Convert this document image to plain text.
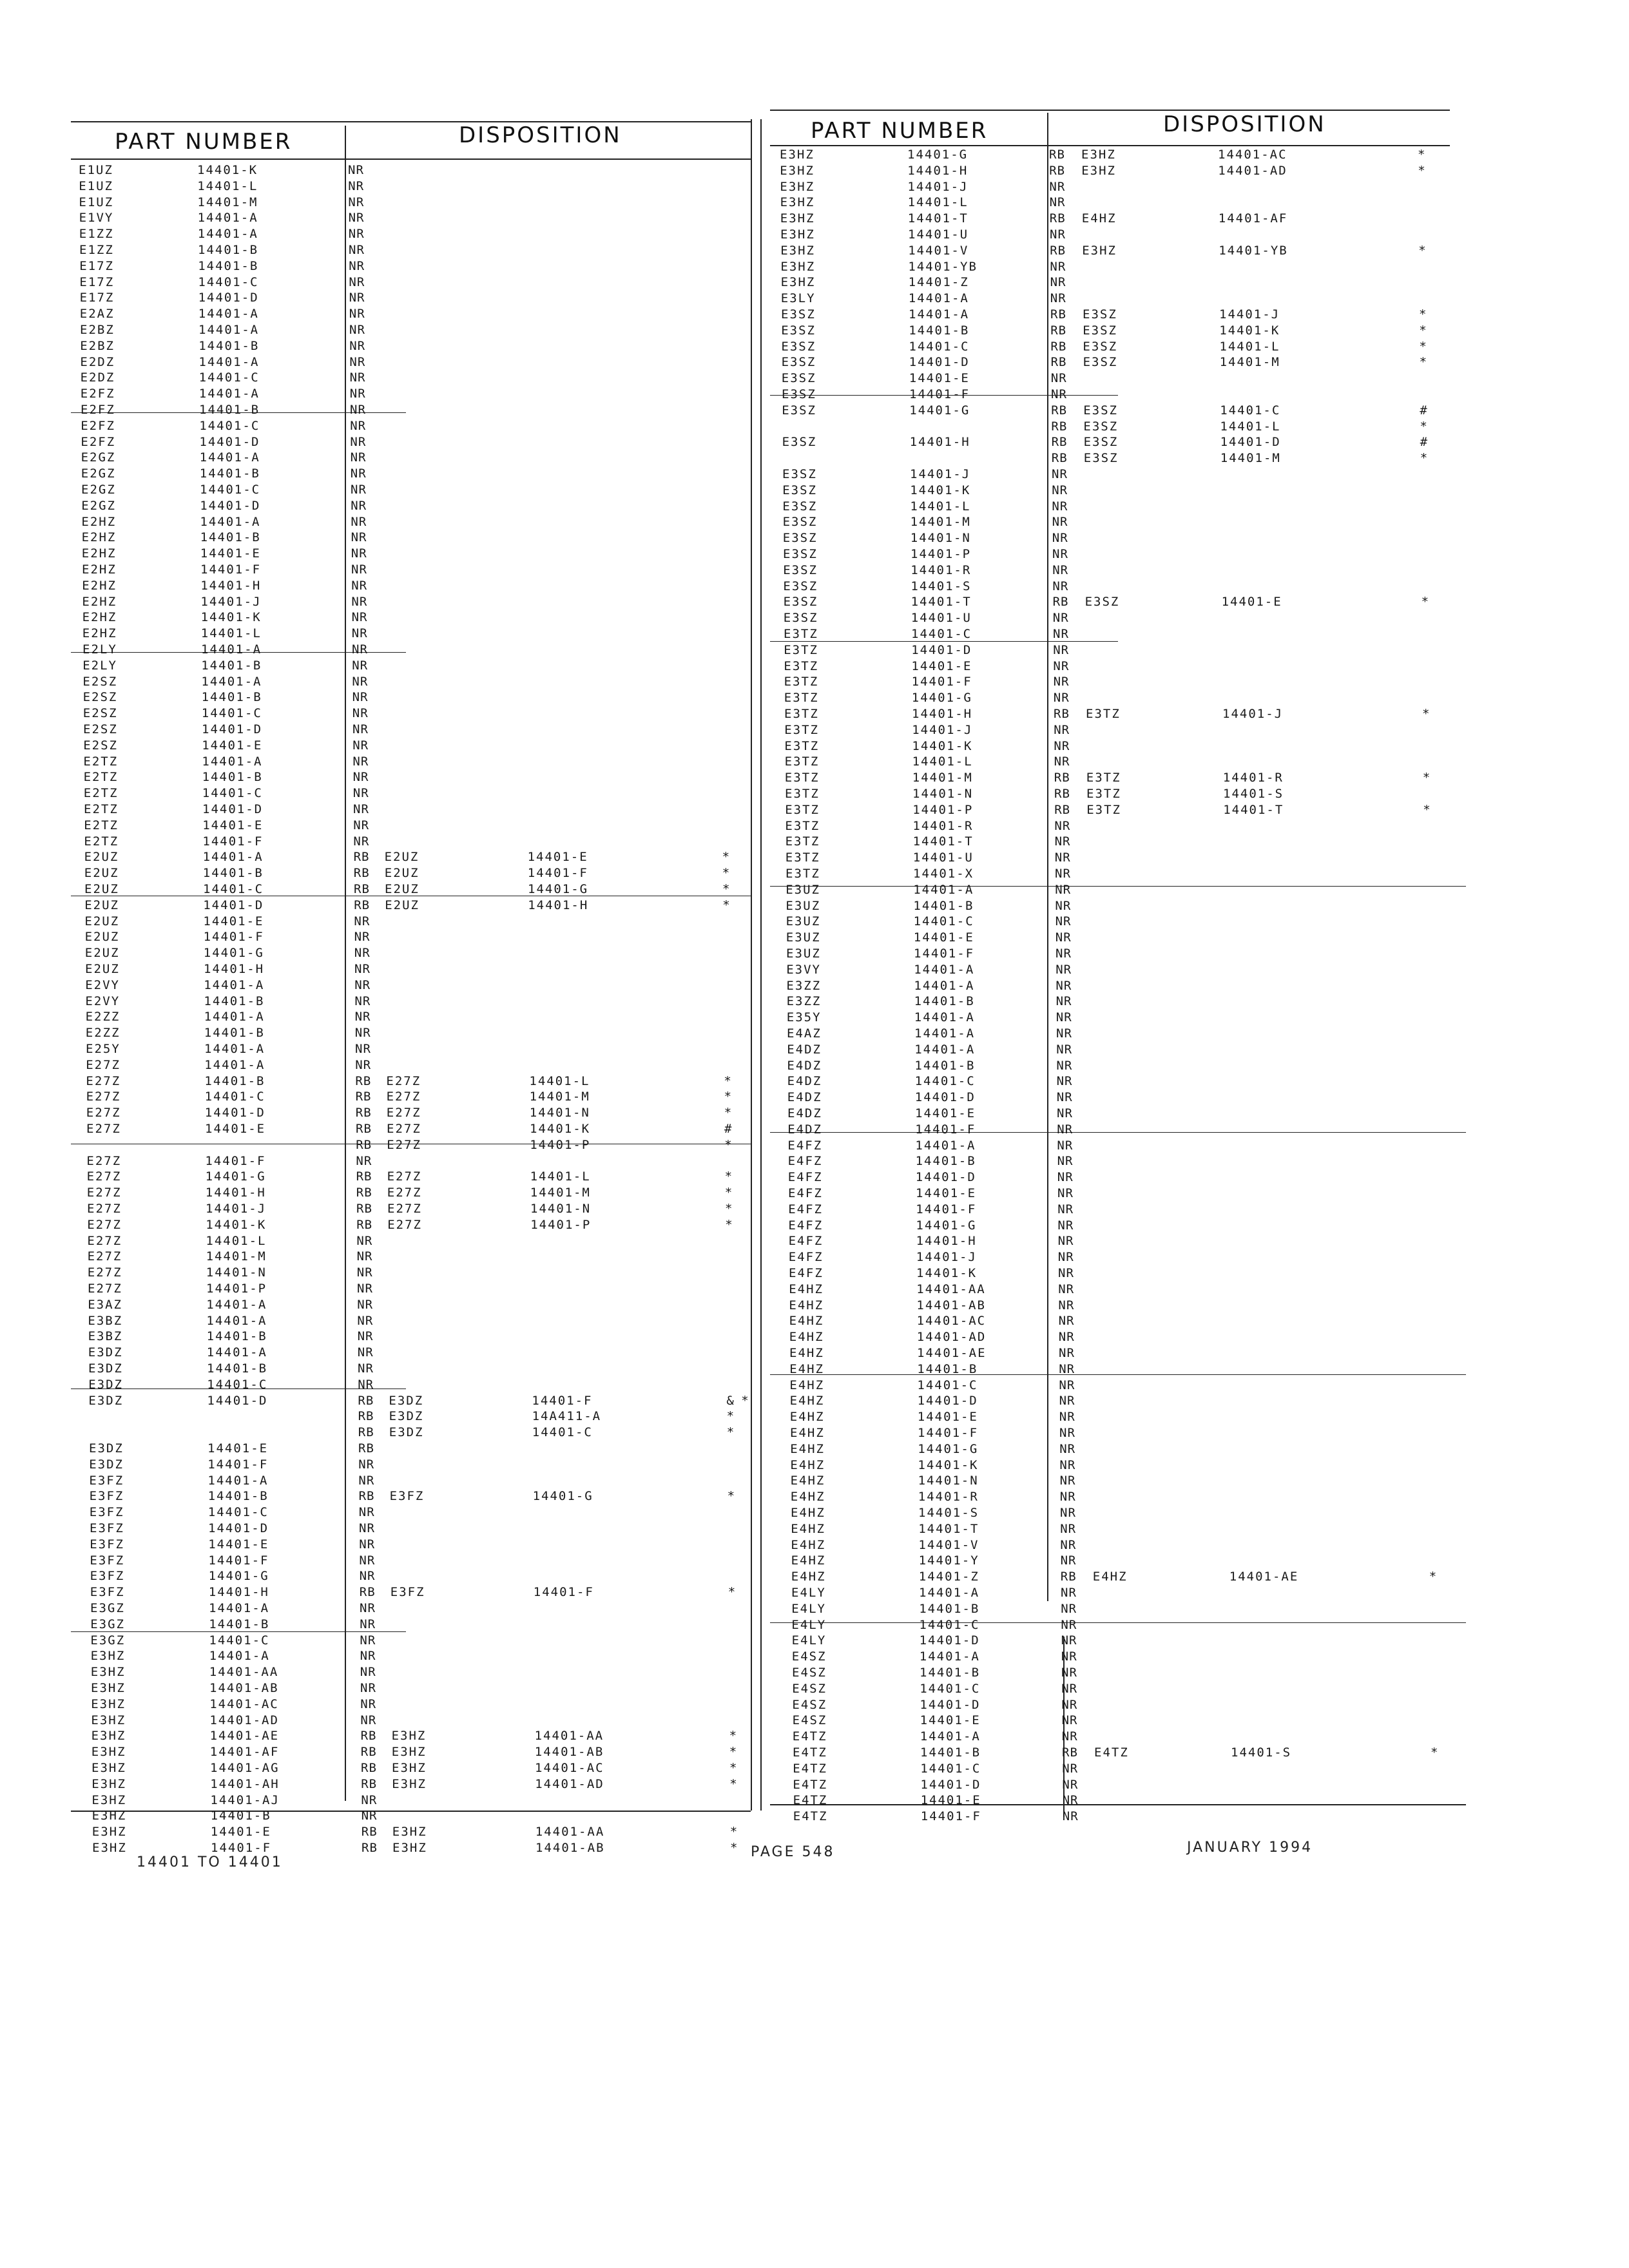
PART NUMBER	DISPOSITION	PART NUMBER	DISPOSITION
E1UZ	14401-K	NR
E1UZ	14401-L	NR
E1UZ	14401-M	NR
E1VY	14401-A	NR
E1ZZ	14401-A	NR
E1ZZ	14401-B	NR
E17Z	14401-B	NR
E17Z	14401-C	NR
E17Z	14401-D	NR
E2AZ	14401-A	NR
E2BZ	14401-A	NR
E2BZ	14401-B	NR
E2DZ	14401-A	NR
E2DZ	14401-C	NR
E2FZ	14401-A	NR
E2FZ	14401-B	NR
E2FZ	14401-C	NR
E2FZ	14401-D	NR
E2GZ	14401-A	NR
E2GZ	14401-B	NR
E2GZ	14401-C	NR
E2GZ	14401-D	NR
E2HZ	14401-A	NR
E2HZ	14401-B	NR
E2HZ	14401-E	NR
E2HZ	14401-F	NR
E2HZ	14401-H	NR
E2HZ	14401-J	NR
E2HZ	14401-K	NR
E2HZ	14401-L	NR
E2LY	14401-A	NR
E2LY	14401-B	NR
E2SZ	14401-A	NR
E2SZ	14401-B	NR
E2SZ	14401-C	NR
E2SZ	14401-D	NR
E2SZ	14401-E	NR
E2TZ	14401-A	NR
E2TZ	14401-B	NR
E2TZ	14401-C	NR
E2TZ	14401-D	NR
E2TZ	14401-E	NR
E2TZ	14401-F	NR
E2UZ	14401-A	RB E2UZ	14401-E	*
E2UZ	14401-B	RB E2UZ	14401-F	*
E2UZ	14401-C	RB E2UZ	14401-G	*
E2UZ	14401-D	RB E2UZ	14401-H	*
E2UZ	14401-E	NR
E2UZ	14401-F	NR
E2UZ	14401-G	NR
E2UZ	14401-H	NR
E2VY	14401-A	NR
E2VY	14401-B	NR
E2ZZ	14401-A	NR
E2ZZ	14401-B	NR
E25Y	14401-A	NR
E27Z	14401-A	NR
E27Z	14401-B	RB E27Z	14401-L	*
E27Z	14401-C	RB E27Z	14401-M	*
E27Z	14401-D	RB E27Z	14401-N	*
E27Z	14401-E	RB E27Z	14401-K	#
RB E27Z	14401-P	*
E27Z	14401-F	NR
E27Z	14401-G	RB E27Z	14401-L	*
E27Z	14401-H	RB E27Z	14401-M	*
E27Z	14401-J	RB E27Z	14401-N	*
E27Z	14401-K	RB E27Z	14401-P	*
E27Z	14401-L	NR
E27Z	14401-M	NR
E27Z	14401-N	NR
E27Z	14401-P	NR
E3AZ	14401-A	NR
E3BZ	14401-A	NR
E3BZ	14401-B	NR
E3DZ	14401-A	NR
E3DZ	14401-B	NR
E3DZ	14401-C	NR
E3DZ	14401-D	RB E3DZ	14401-F	& *
RB E3DZ	14A411-A	*
RB E3DZ	14401-C	*
E3DZ	14401-E	RB
E3DZ	14401-F	NR
E3FZ	14401-A	NR
E3FZ	14401-B	RB E3FZ	14401-G	*
E3FZ	14401-C	NR
E3FZ	14401-D	NR
E3FZ	14401-E	NR
E3FZ	14401-F	NR
E3FZ	14401-G	NR
E3FZ	14401-H	RB E3FZ	14401-F	*
E3GZ	14401-A	NR
E3GZ	14401-B	NR
E3GZ	14401-C	NR
E3HZ	14401-A	NR
E3HZ	14401-AA	NR
E3HZ	14401-AB	NR
E3HZ	14401-AC	NR
E3HZ	14401-AD	NR
E3HZ	14401-AE	RB E3HZ	14401-AA	*
E3HZ	14401-AF	RB E3HZ	14401-AB	*
E3HZ	14401-AG	RB E3HZ	14401-AC	*
E3HZ	14401-AH	RB E3HZ	14401-AD	*
E3HZ	14401-AJ	NR
E3HZ	14401-B	NR
E3HZ	14401-E	RB E3HZ	14401-AA	*
E3HZ	14401-F	RB E3HZ	14401-AB	*
E3HZ	14401-G	RB E3HZ	14401-AC	*
E3HZ	14401-H	RB E3HZ	14401-AD	*
E3HZ	14401-J	NR
E3HZ	14401-L	NR
E3HZ	14401-T	RB E4HZ	14401-AF
E3HZ	14401-U	NR
E3HZ	14401-V	RB E3HZ	14401-YB	*
E3HZ	14401-YB	NR
E3HZ	14401-Z	NR
E3LY	14401-A	NR
E3SZ	14401-A	RB E3SZ	14401-J	*
E3SZ	14401-B	RB E3SZ	14401-K	*
E3SZ	14401-C	RB E3SZ	14401-L	*
E3SZ	14401-D	RB E3SZ	14401-M	*
E3SZ	14401-E	NR
E3SZ	14401-F	NR
E3SZ	14401-G	RB E3SZ	14401-C	#
RB E3SZ	14401-L	*
E3SZ	14401-H	RB E3SZ	14401-D	#
RB E3SZ	14401-M	*
E3SZ	14401-J	NR
E3SZ	14401-K	NR
E3SZ	14401-L	NR
E3SZ	14401-M	NR
E3SZ	14401-N	NR
E3SZ	14401-P	NR
E3SZ	14401-R	NR
E3SZ	14401-S	NR
E3SZ	14401-T	RB E3SZ	14401-E	*
E3SZ	14401-U	NR
E3TZ	14401-C	NR
E3TZ	14401-D	NR
E3TZ	14401-E	NR
E3TZ	14401-F	NR
E3TZ	14401-G	NR
E3TZ	14401-H	RB E3TZ	14401-J	*
E3TZ	14401-J	NR
E3TZ	14401-K	NR
E3TZ	14401-L	NR
E3TZ	14401-M	RB E3TZ	14401-R	*
E3TZ	14401-N	RB E3TZ	14401-S
E3TZ	14401-P	RB E3TZ	14401-T	*
E3TZ	14401-R	NR
E3TZ	14401-T	NR
E3TZ	14401-U	NR
E3TZ	14401-X	NR
E3UZ	14401-A	NR
E3UZ	14401-B	NR
E3UZ	14401-C	NR
E3UZ	14401-E	NR
E3UZ	14401-F	NR
E3VY	14401-A	NR
E3ZZ	14401-A	NR
E3ZZ	14401-B	NR
E35Y	14401-A	NR
E4AZ	14401-A	NR
E4DZ	14401-A	NR
E4DZ	14401-B	NR
E4DZ	14401-C	NR
E4DZ	14401-D	NR
E4DZ	14401-E	NR
E4DZ	14401-F	NR
E4FZ	14401-A	NR
E4FZ	14401-B	NR
E4FZ	14401-D	NR
E4FZ	14401-E	NR
E4FZ	14401-F	NR
E4FZ	14401-G	NR
E4FZ	14401-H	NR
E4FZ	14401-J	NR
E4FZ	14401-K	NR
E4HZ	14401-AA	NR
E4HZ	14401-AB	NR
E4HZ	14401-AC	NR
E4HZ	14401-AD	NR
E4HZ	14401-AE	NR
E4HZ	14401-B	NR
E4HZ	14401-C	NR
E4HZ	14401-D	NR
E4HZ	14401-E	NR
E4HZ	14401-F	NR
E4HZ	14401-G	NR
E4HZ	14401-K	NR
E4HZ	14401-N	NR
E4HZ	14401-R	NR
E4HZ	14401-S	NR
E4HZ	14401-T	NR
E4HZ	14401-V	NR
E4HZ	14401-Y	NR
E4HZ	14401-Z	RB E4HZ	14401-AE	*
E4LY	14401-A	NR
E4LY	14401-B	NR
E4LY	14401-C	NR
E4LY	14401-D	NR
E4SZ	14401-A	NR
E4SZ	14401-B	NR
E4SZ	14401-C	NR
E4SZ	14401-D	NR
E4SZ	14401-E	NR
E4TZ	14401-A	NR
E4TZ	14401-B	RB E4TZ	14401-S	*
E4TZ	14401-C	NR
E4TZ	14401-D	NR
E4TZ	14401-E	NR
E4TZ	14401-F	NR
14401 TO 14401
PAGE 548	JANUARY 1994
